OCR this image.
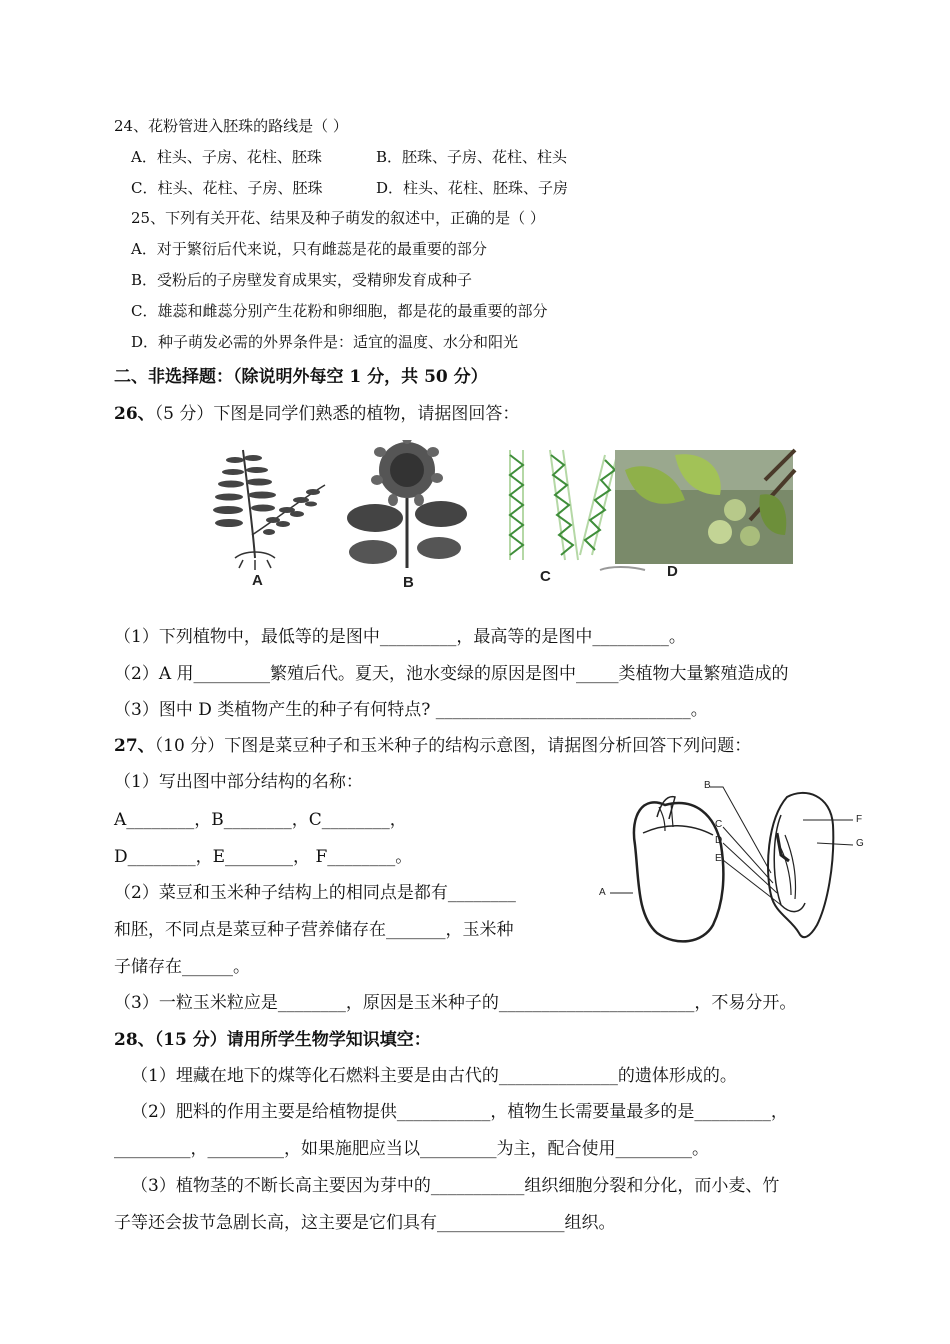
24、花粉管进入胚珠的路线是（ ）
A．柱头、子房、花柱、胚珠	B．胚珠、子房、花柱、柱头
C．柱头、花柱、子房、胚珠	D．柱头、花柱、胚珠、子房
25、下列有关开花、结果及种子萌发的叙述中，正确的是（ ）
A．对于繁衍后代来说，只有雌蕊是花的最重要的部分
B．受粉后的子房壁发育成果实，受精卵发育成种子
C．雄蕊和雌蕊分别产生花粉和卵细胞，都是花的最重要的部分
D．种子萌发必需的外界条件是：适宜的温度、水分和阳光
二、非选择题：（除说明外每空 1 分，共 50 分）
26、（5 分）下图是同学们熟悉的植物，请据图回答：
A	B	C	D
（1）下列植物中，最低等的是图中_________，最高等的是图中_________。
（2）A 用_________繁殖后代。夏天，池水变绿的原因是图中_____类植物大量繁殖造成的
（3）图中 D 类植物产生的种子有何特点? ______________________________。
27、（10 分）下图是菜豆种子和玉米种子的结构示意图，请据图分析回答下列问题：
（1）写出图中部分结构的名称：
A________，B________，C________，
D________，E________， F________。
（2）菜豆和玉米种子结构上的相同点是都有________
和胚，不同点是菜豆种子营养储存在_______，玉米种
子储存在______。
（3）一粒玉米粒应是________，原因是玉米种子的_______________________，不易分开。
A
B
C
D
E
F
G
28、（15 分）请用所学生物学知识填空：
（1）埋藏在地下的煤等化石燃料主要是由古代的______________的遗体形成的。
（2）肥料的作用主要是给植物提供___________，植物生长需要量最多的是_________，
_________，_________，如果施肥应当以_________为主，配合使用_________。
（3）植物茎的不断长高主要因为芽中的___________组织细胞分裂和分化，而小麦、竹
子等还会拔节急剧长高，这主要是它们具有_______________组织。
